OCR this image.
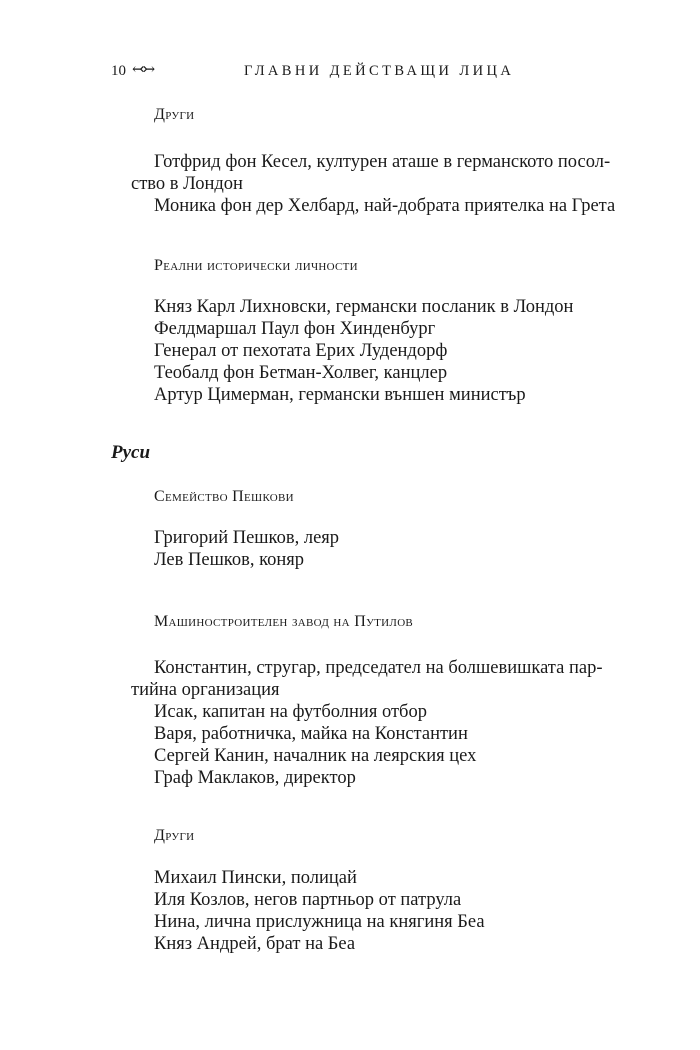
10 ↢↣	ГЛАВНИ ДЕЙСТВАЩИ ЛИЦА
Други
Готфрид фон Кесел, културен аташе в германското посол-
ство в Лондон
Моника фон дер Хелбард, най-добрата приятелка на Грета
Реални исторически личности
Княз Карл Лихновски, германски посланик в Лондон
Фелдмаршал Паул фон Хинденбург
Генерал от пехотата Ерих Лудендорф
Теобалд фон Бетман-Холвег, канцлер
Артур Цимерман, германски външен министър
Руси
Семейство Пешкови
Григорий Пешков, леяр
Лев Пешков, коняр
Машиностроителен завод на Путилов
Константин, стругар, председател на болшевишката пар-
тийна организация
Исак, капитан на футболния отбор
Варя, работничка, майка на Константин
Сергей Канин, началник на леярския цех
Граф Маклаков, директор
Други
Михаил Пински, полицай
Иля Козлов, негов партньор от патрула
Нина, лична прислужница на княгиня Беа
Княз Андрей, брат на Беа
